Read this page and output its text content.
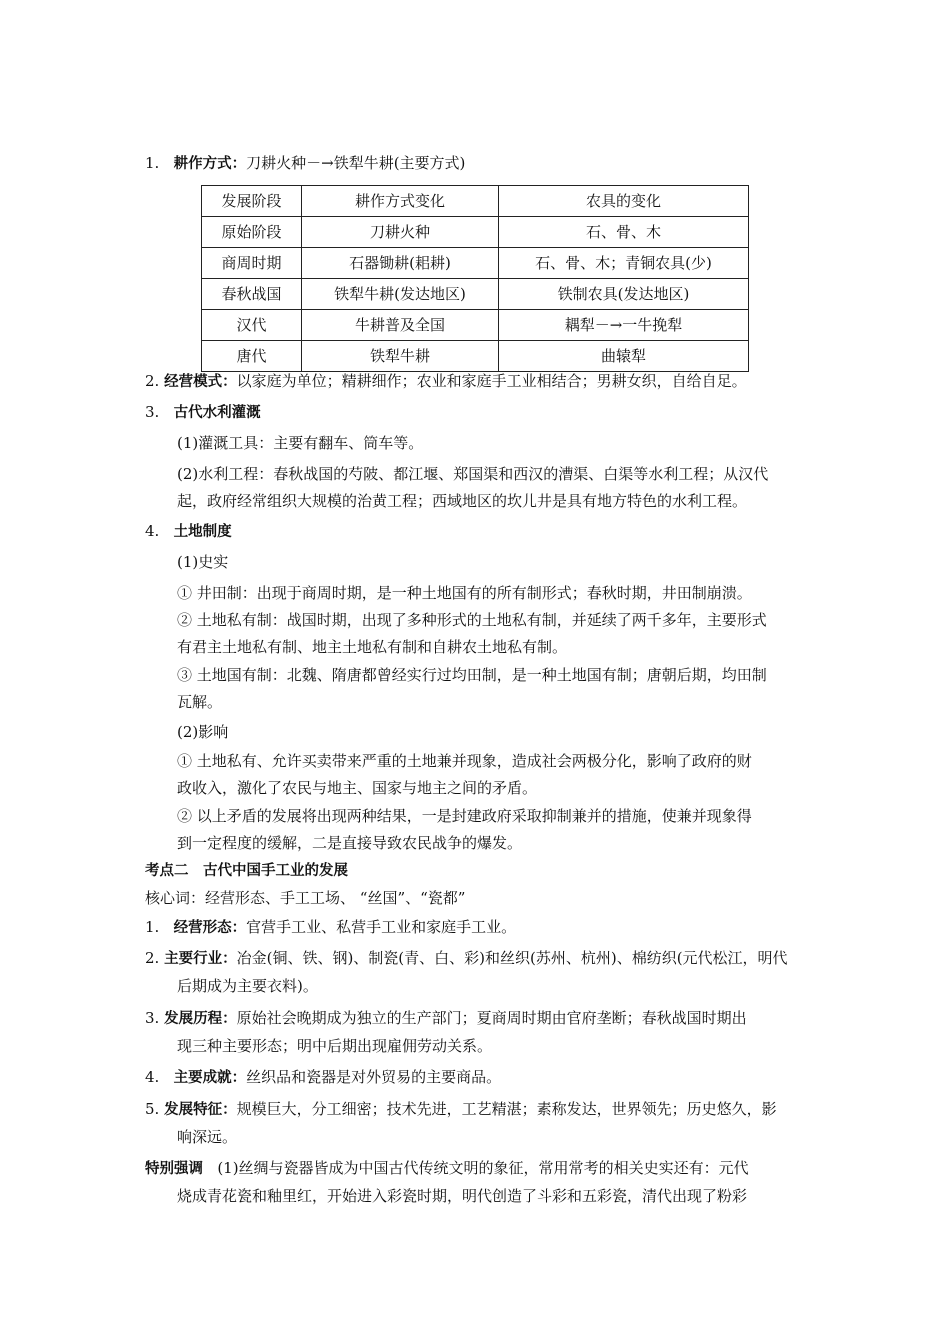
1. 耕作方式：刀耕火种－→铁犁牛耕(主要方式)
发展阶段	耕作方式变化	农具的变化
原始阶段	刀耕火种	石、骨、木
商周时期	石器锄耕(耜耕)	石、骨、木；青铜农具(少)
春秋战国	铁犁牛耕(发达地区)	铁制农具(发达地区)
汉代	牛耕普及全国	耦犁－→一牛挽犁
唐代	铁犁牛耕	曲辕犁
2. 经营模式：以家庭为单位；精耕细作；农业和家庭手工业相结合；男耕女织，自给自足。
3. 古代水利灌溉
(1)灌溉工具：主要有翻车、筒车等。
(2)水利工程：春秋战国的芍陂、都江堰、郑国渠和西汉的漕渠、白渠等水利工程；从汉代
起，政府经常组织大规模的治黄工程；西域地区的坎儿井是具有地方特色的水利工程。
4. 土地制度
(1)史实
① 井田制：出现于商周时期，是一种土地国有的所有制形式；春秋时期，井田制崩溃。
② 土地私有制：战国时期，出现了多种形式的土地私有制，并延续了两千多年，主要形式
有君主土地私有制、地主土地私有制和自耕农土地私有制。
③ 土地国有制：北魏、隋唐都曾经实行过均田制，是一种土地国有制；唐朝后期，均田制
瓦解。
(2)影响
① 土地私有、允许买卖带来严重的土地兼并现象，造成社会两极分化，影响了政府的财
政收入，激化了农民与地主、国家与地主之间的矛盾。
② 以上矛盾的发展将出现两种结果，一是封建政府采取抑制兼并的措施，使兼并现象得
到一定程度的缓解，二是直接导致农民战争的爆发。
考点二　古代中国手工业的发展
核心词：经营形态、手工工场、 “丝国”、“瓷都”
1. 经营形态：官营手工业、私营手工业和家庭手工业。
2. 主要行业：冶金(铜、铁、钢)、制瓷(青、白、彩)和丝织(苏州、杭州)、棉纺织(元代松江，明代
后期成为主要衣料)。
3. 发展历程：原始社会晚期成为独立的生产部门；夏商周时期由官府垄断；春秋战国时期出
现三种主要形态；明中后期出现雇佣劳动关系。
4. 主要成就：丝织品和瓷器是对外贸易的主要商品。
5. 发展特征：规模巨大，分工细密；技术先进，工艺精湛；素称发达，世界领先；历史悠久，影
响深远。
特别强调 (1)丝绸与瓷器皆成为中国古代传统文明的象征，常用常考的相关史实还有：元代
烧成青花瓷和釉里红，开始进入彩瓷时期，明代创造了斗彩和五彩瓷，清代出现了粉彩
